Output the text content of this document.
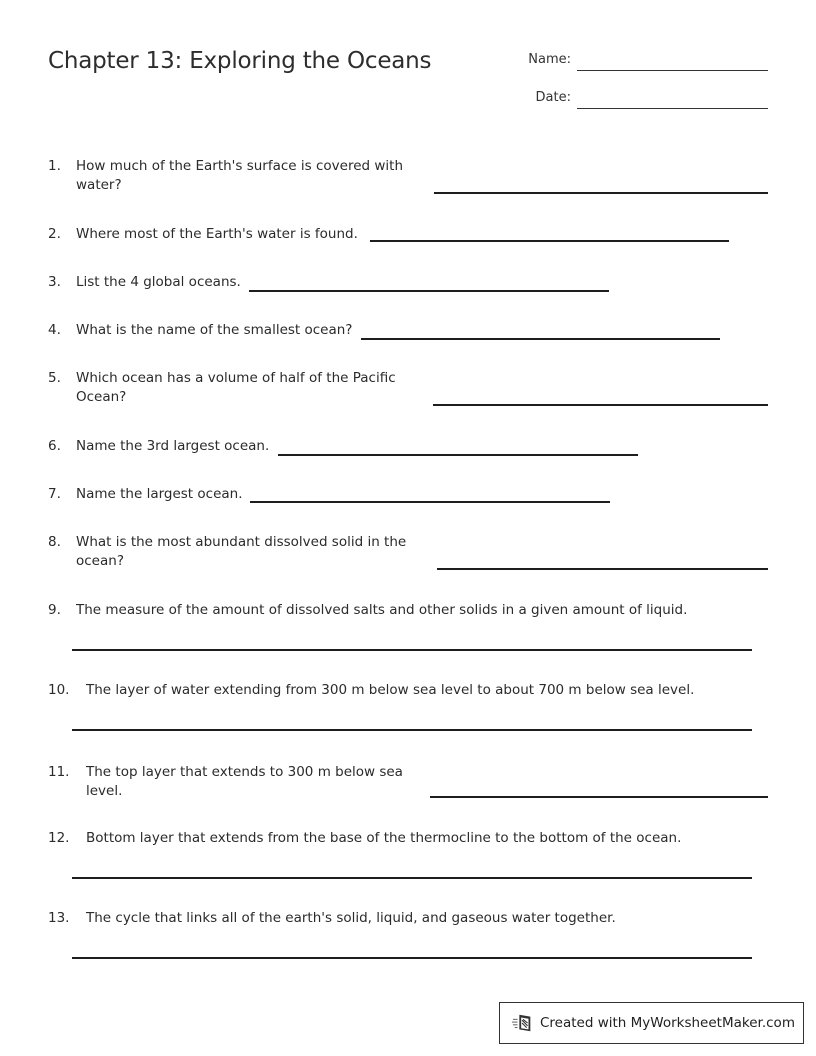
Chapter 13: Exploring the Oceans	Name:
Date:
1. How much of the Earth's surface is covered with water?
2. Where most of the Earth's water is found.
3. List the 4 global oceans.
4. What is the name of the smallest ocean?
5. Which ocean has a volume of half of the Pacific Ocean?
6. Name the 3rd largest ocean.
7. Name the largest ocean.
8. What is the most abundant dissolved solid in the ocean?
9. The measure of the amount of dissolved salts and other solids in a given amount of liquid.
10. The layer of water extending from 300 m below sea level to about 700 m below sea level.
11. The top layer that extends to 300 m below sea level.
12. Bottom layer that extends from the base of the thermocline to the bottom of the ocean.
13. The cycle that links all of the earth's solid, liquid, and gaseous water together.
Created with MyWorksheetMaker.com
